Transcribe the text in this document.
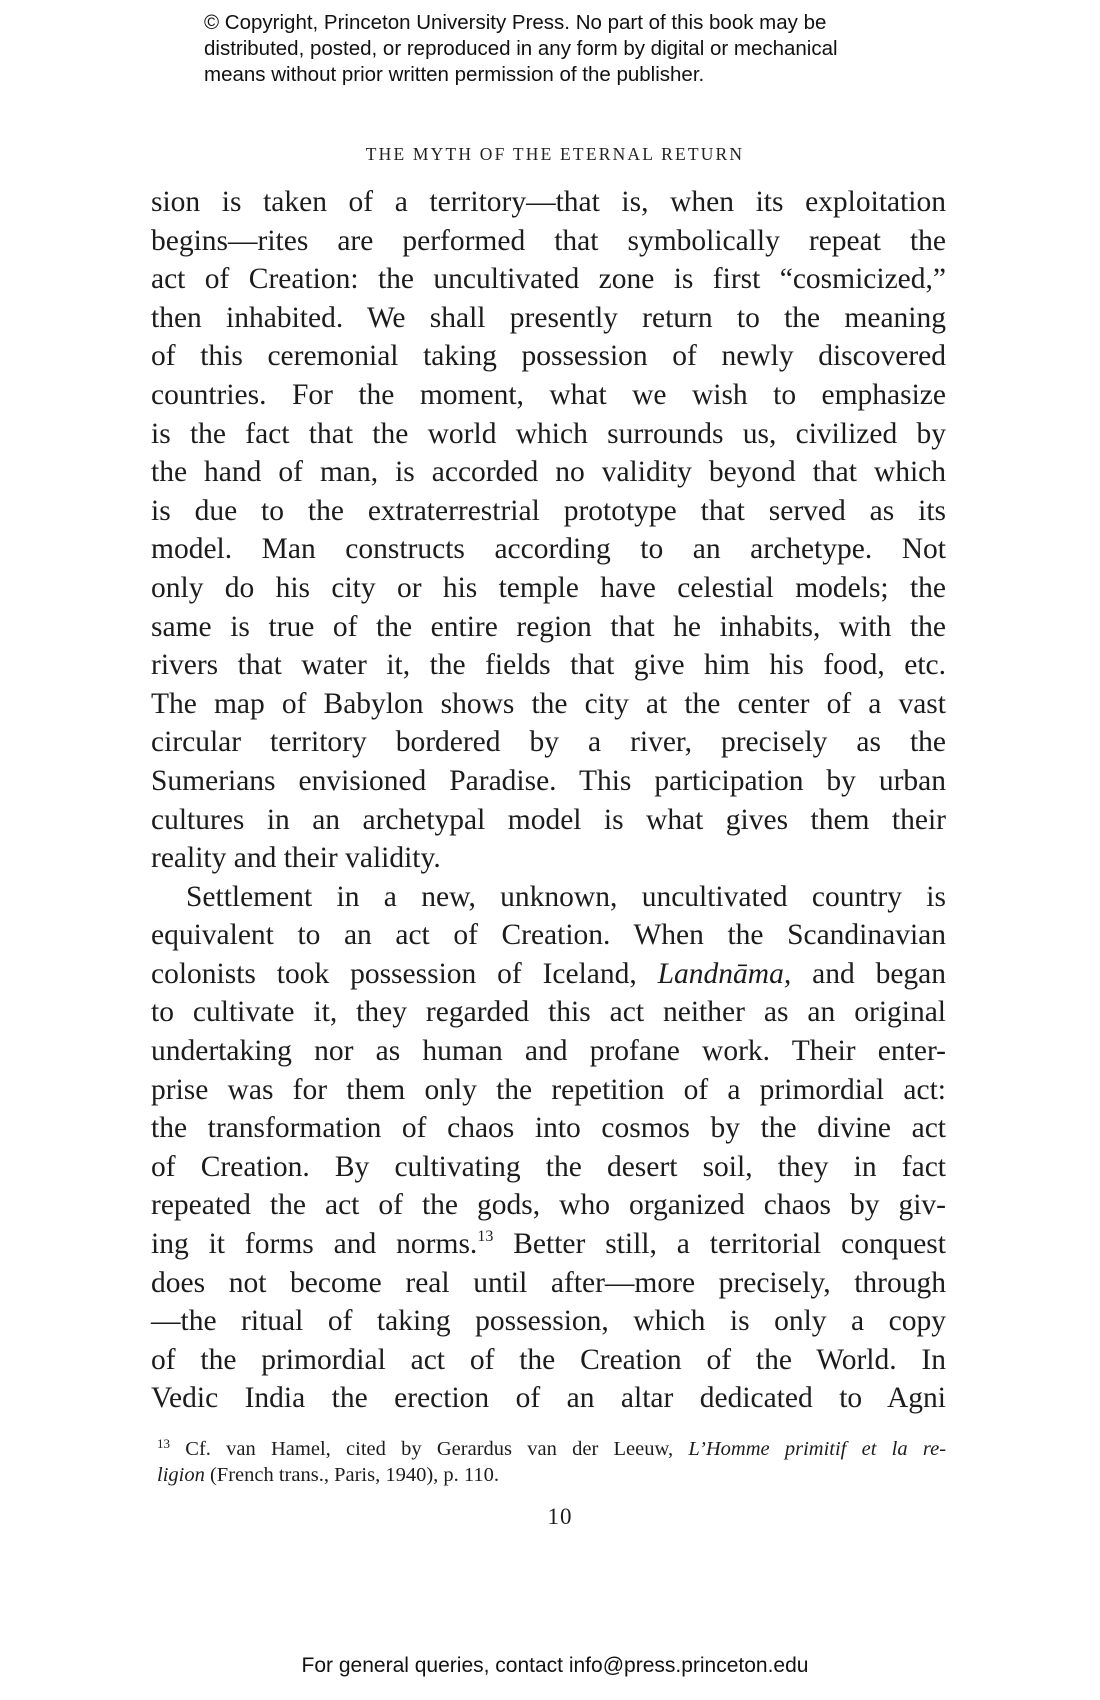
© Copyright, Princeton University Press. No part of this book may be
distributed, posted, or reproduced in any form by digital or mechanical
means without prior written permission of the publisher.
THE MYTH OF THE ETERNAL RETURN
sion is taken of a territory—that is, when its exploitation
begins—rites are performed that symbolically repeat the
act of Creation: the uncultivated zone is first “cosmicized,”
then inhabited. We shall presently return to the meaning
of this ceremonial taking possession of newly discovered
countries. For the moment, what we wish to emphasize
is the fact that the world which surrounds us, civilized by
the hand of man, is accorded no validity beyond that which
is due to the extraterrestrial prototype that served as its
model. Man constructs according to an archetype. Not
only do his city or his temple have celestial models; the
same is true of the entire region that he inhabits, with the
rivers that water it, the fields that give him his food, etc.
The map of Babylon shows the city at the center of a vast
circular territory bordered by a river, precisely as the
Sumerians envisioned Paradise. This participation by urban
cultures in an archetypal model is what gives them their
reality and their validity.
Settlement in a new, unknown, uncultivated country is
equivalent to an act of Creation. When the Scandinavian
colonists took possession of Iceland, Landnāma, and began
to cultivate it, they regarded this act neither as an original
undertaking nor as human and profane work. Their enter-
prise was for them only the repetition of a primordial act:
the transformation of chaos into cosmos by the divine act
of Creation. By cultivating the desert soil, they in fact
repeated the act of the gods, who organized chaos by giv-
ing it forms and norms.$^{13}$ Better still, a territorial conquest
does not become real until after—more precisely, through
—the ritual of taking possession, which is only a copy
of the primordial act of the Creation of the World. In
Vedic India the erection of an altar dedicated to Agni
$^{13}$ Cf. van Hamel, cited by Gerardus van der Leeuw, L’Homme primitif et la re-
ligion (French trans., Paris, 1940), p. 110.
10
For general queries, contact info@press.princeton.edu
